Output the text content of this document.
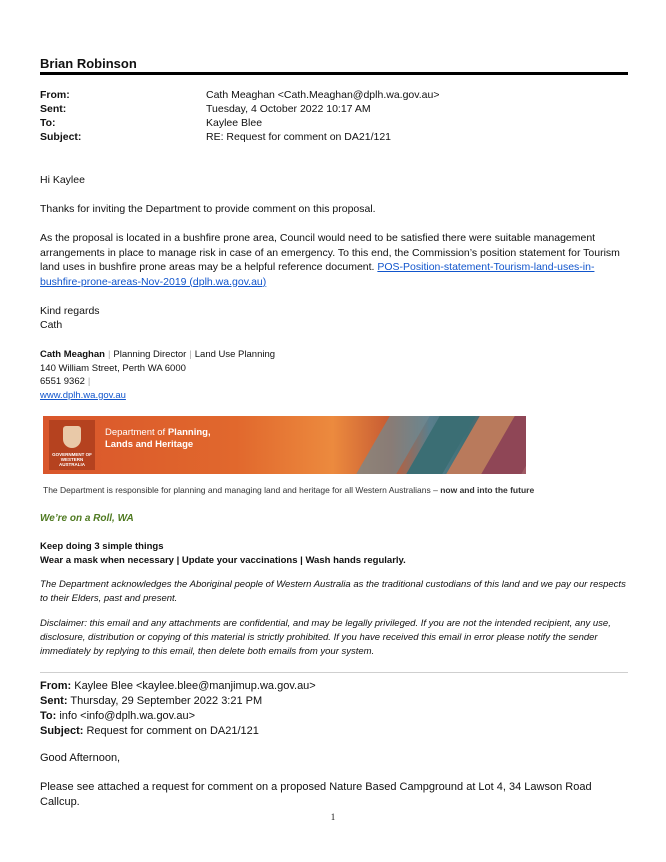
Brian Robinson
From:	Cath Meaghan <Cath.Meaghan@dplh.wa.gov.au>
Sent:	Tuesday, 4 October 2022 10:17 AM
To:	Kaylee Blee
Subject:	RE: Request for comment on DA21/121
Hi Kaylee
Thanks for inviting the Department to provide comment on this proposal.
As the proposal is located in a bushfire prone area, Council would need to be satisfied there were suitable management arrangements in place to manage risk in case of an emergency. To this end, the Commission’s position statement for Tourism land uses in bushfire prone areas may be a helpful reference document. POS-Position-statement-Tourism-land-uses-in-bushfire-prone-areas-Nov-2019 (dplh.wa.gov.au)
Kind regards
Cath
Cath Meaghan | Planning Director | Land Use Planning
140 William Street, Perth WA 6000
6551 9362 |
www.dplh.wa.gov.au
GOVERNMENT OF
WESTERN AUSTRALIA
Department of Planning,
Lands and Heritage
The Department is responsible for planning and managing land and heritage for all Western Australians – now and into the future
We’re on a Roll, WA
Keep doing 3 simple things
Wear a mask when necessary | Update your vaccinations | Wash hands regularly.
The Department acknowledges the Aboriginal people of Western Australia as the traditional custodians of this land and we pay our respects to their Elders, past and present.
Disclaimer: this email and any attachments are confidential, and may be legally privileged. If you are not the intended recipient, any use, disclosure, distribution or copying of this material is strictly prohibited. If you have received this email in error please notify the sender immediately by replying to this email, then delete both emails from your system.
From: Kaylee Blee <kaylee.blee@manjimup.wa.gov.au>
Sent: Thursday, 29 September 2022 3:21 PM
To: info <info@dplh.wa.gov.au>
Subject: Request for comment on DA21/121
Good Afternoon,
Please see attached a request for comment on a proposed Nature Based Campground at Lot 4, 34 Lawson Road Callcup.
1
